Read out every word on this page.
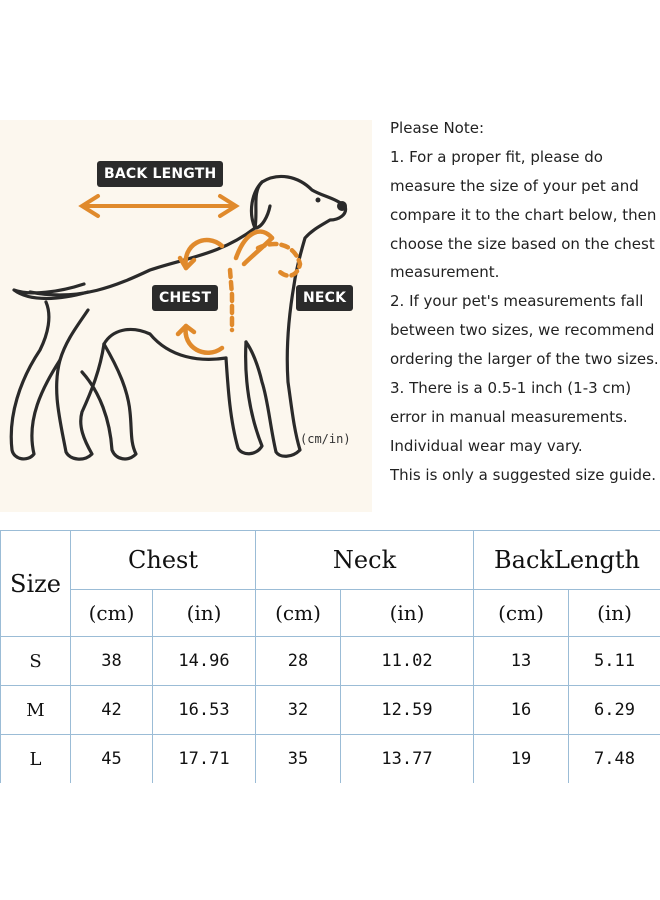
BACK LENGTH
CHEST	NECK
(cm/in)
Please Note:
1. For a proper fit, please do
measure the size of your pet and
compare it to the chart below, then
choose the size based on the chest
measurement.
2. If your pet's measurements fall
between two sizes, we recommend
ordering the larger of the two sizes.
3. There is a 0.5-1 inch (1-3 cm)
error in manual measurements.
Individual wear may vary.
This is only a suggested size guide.
Size	Chest		Neck		BackLength	
	(cm)	(in)	(cm)	(in)	(cm)	(in)
S	38	14.96	28	11.02	13	5.11
M	42	16.53	32	12.59	16	6.29
L	45	17.71	35	13.77	19	7.48
